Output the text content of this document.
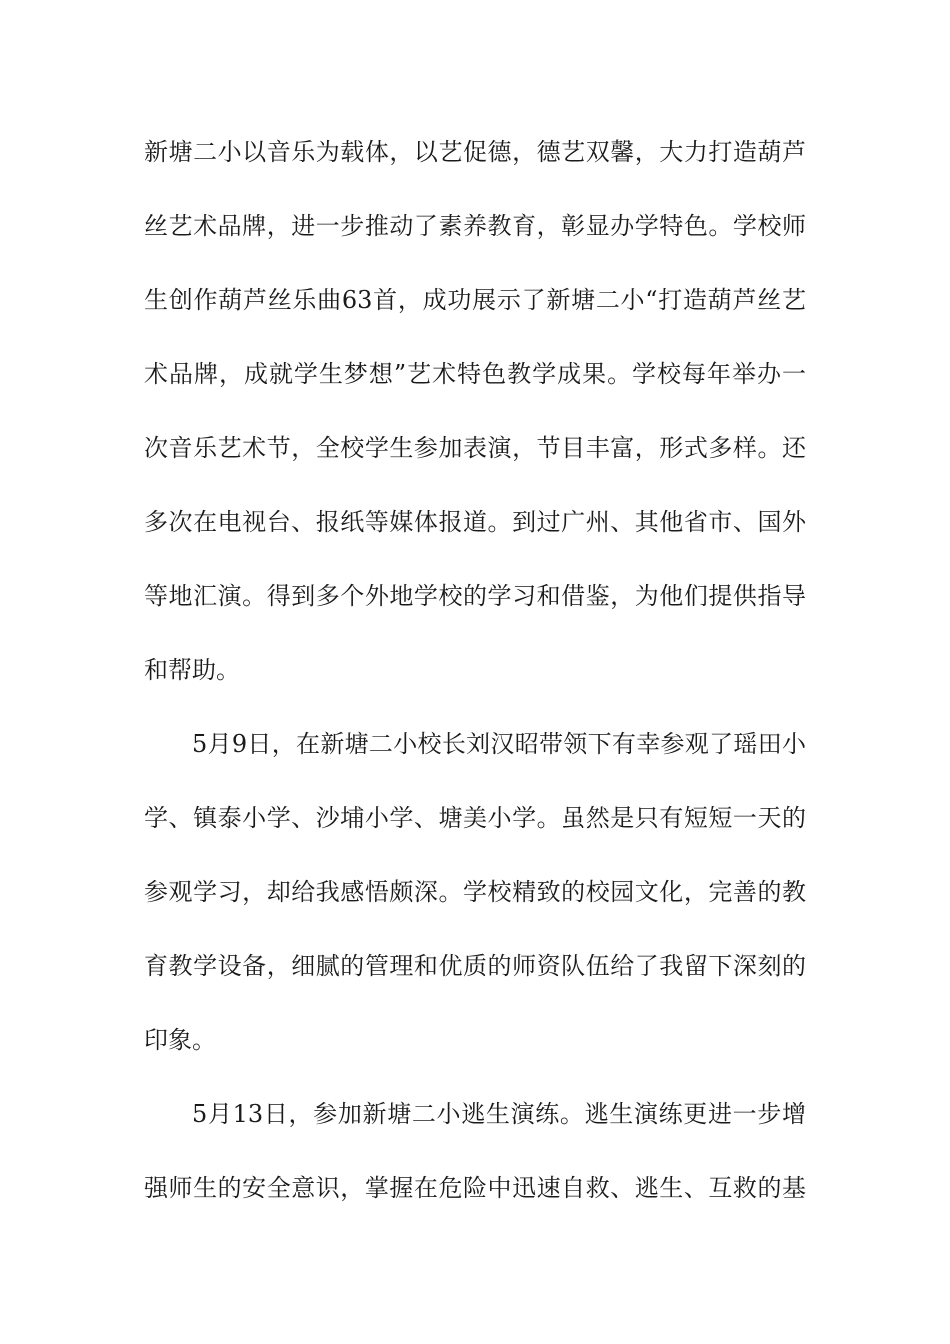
新塘二小以音乐为载体，以艺促德，德艺双馨，大力打造葫芦
丝艺术品牌，进一步推动了素养教育，彰显办学特色。学校师
生创作葫芦丝乐曲63首，成功展示了新塘二小“打造葫芦丝艺
术品牌，成就学生梦想”艺术特色教学成果。学校每年举办一
次音乐艺术节，全校学生参加表演，节目丰富，形式多样。还
多次在电视台、报纸等媒体报道。到过广州、其他省市、国外
等地汇演。得到多个外地学校的学习和借鉴，为他们提供指导
和帮助。
5月9日，在新塘二小校长刘汉昭带领下有幸参观了瑶田小
学、镇泰小学、沙埔小学、塘美小学。虽然是只有短短一天的
参观学习，却给我感悟颇深。学校精致的校园文化，完善的教
育教学设备，细腻的管理和优质的师资队伍给了我留下深刻的
印象。
5月13日，参加新塘二小逃生演练。逃生演练更进一步增
强师生的安全意识，掌握在危险中迅速自救、逃生、互救的基
